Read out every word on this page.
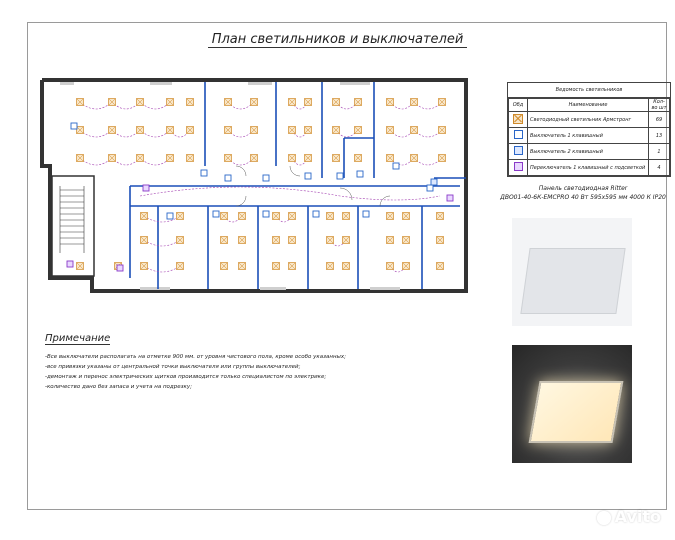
План светильников и выключателей
Ведомость светильников
Обд	Наименование	Кол-во шт
	Светодиодный светильник Армстронг	69
	Выключатель 1 клавишный	13
	Выключатель 2 клавишный	1
	Переключатель 1 клавишный с подсветкой	4
Панель светодиодная Ritter
ДВО01-40-6К-EMCPRO 40 Вт 595х595 мм 4000 К IP20
Примечание
-Все выключатели располагать на отметке 900 мм. от уровня чистового пола, кроме особо указанных;
-все привязки указаны от центральной точки выключателя или группы выключателей;
-демонтаж и перенос электрических щитков производится только специалистом по электрике;
-количество дано без запаса и учета на подрезку;
Avito
